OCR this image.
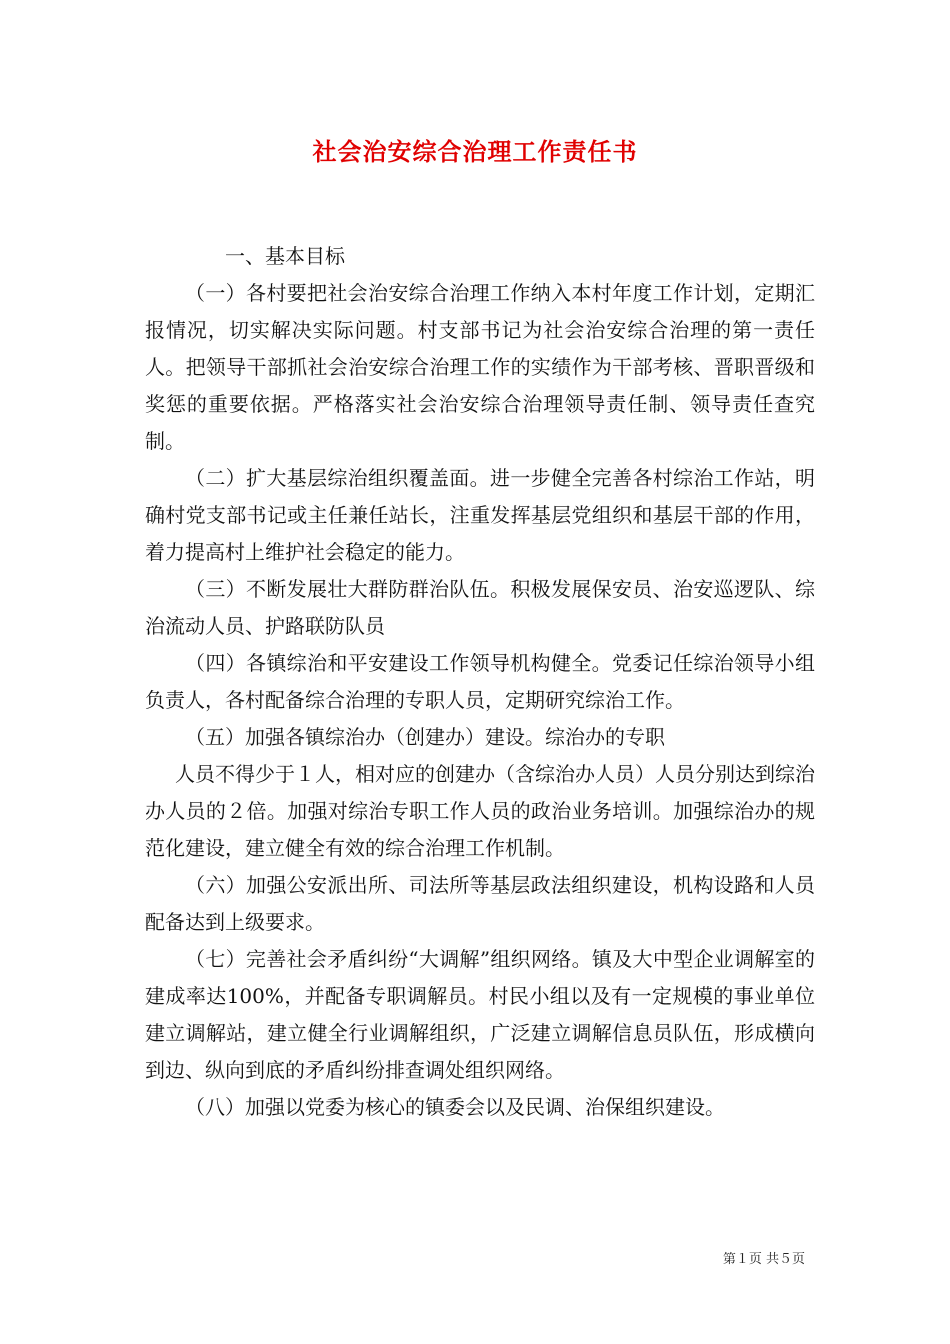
社会治安综合治理工作责任书

一、基本目标

（一）各村要把社会治安综合治理工作纳入本村年度工作计划，定期汇报情况，切实解决实际问题。村支部书记为社会治安综合治理的第一责任人。把领导干部抓社会治安综合治理工作的实绩作为干部考核、晋职晋级和奖惩的重要依据。严格落实社会治安综合治理领导责任制、领导责任查究制。

（二）扩大基层综治组织覆盖面。进一步健全完善各村综治工作站，明确村党支部书记或主任兼任站长，注重发挥基层党组织和基层干部的作用，着力提高村上维护社会稳定的能力。

（三）不断发展壮大群防群治队伍。积极发展保安员、治安巡逻队、综治流动人员、护路联防队员

（四）各镇综治和平安建设工作领导机构健全。党委记任综治领导小组负责人，各村配备综合治理的专职人员，定期研究综治工作。

（五）加强各镇综治办（创建办）建设。综治办的专职

人员不得少于１人，相对应的创建办（含综治办人员）人员分别达到综治办人员的２倍。加强对综治专职工作人员的政治业务培训。加强综治办的规范化建设，建立健全有效的综合治理工作机制。

（六）加强公安派出所、司法所等基层政法组织建设，机构设路和人员配备达到上级要求。

（七）完善社会矛盾纠纷“大调解”组织网络。镇及大中型企业调解室的建成率达100%，并配备专职调解员。村民小组以及有一定规模的事业单位建立调解站，建立健全行业调解组织，广泛建立调解信息员队伍，形成横向到边、纵向到底的矛盾纠纷排查调处组织网络。

（八）加强以党委为核心的镇委会以及民调、治保组织建设。

第１页 共５页
